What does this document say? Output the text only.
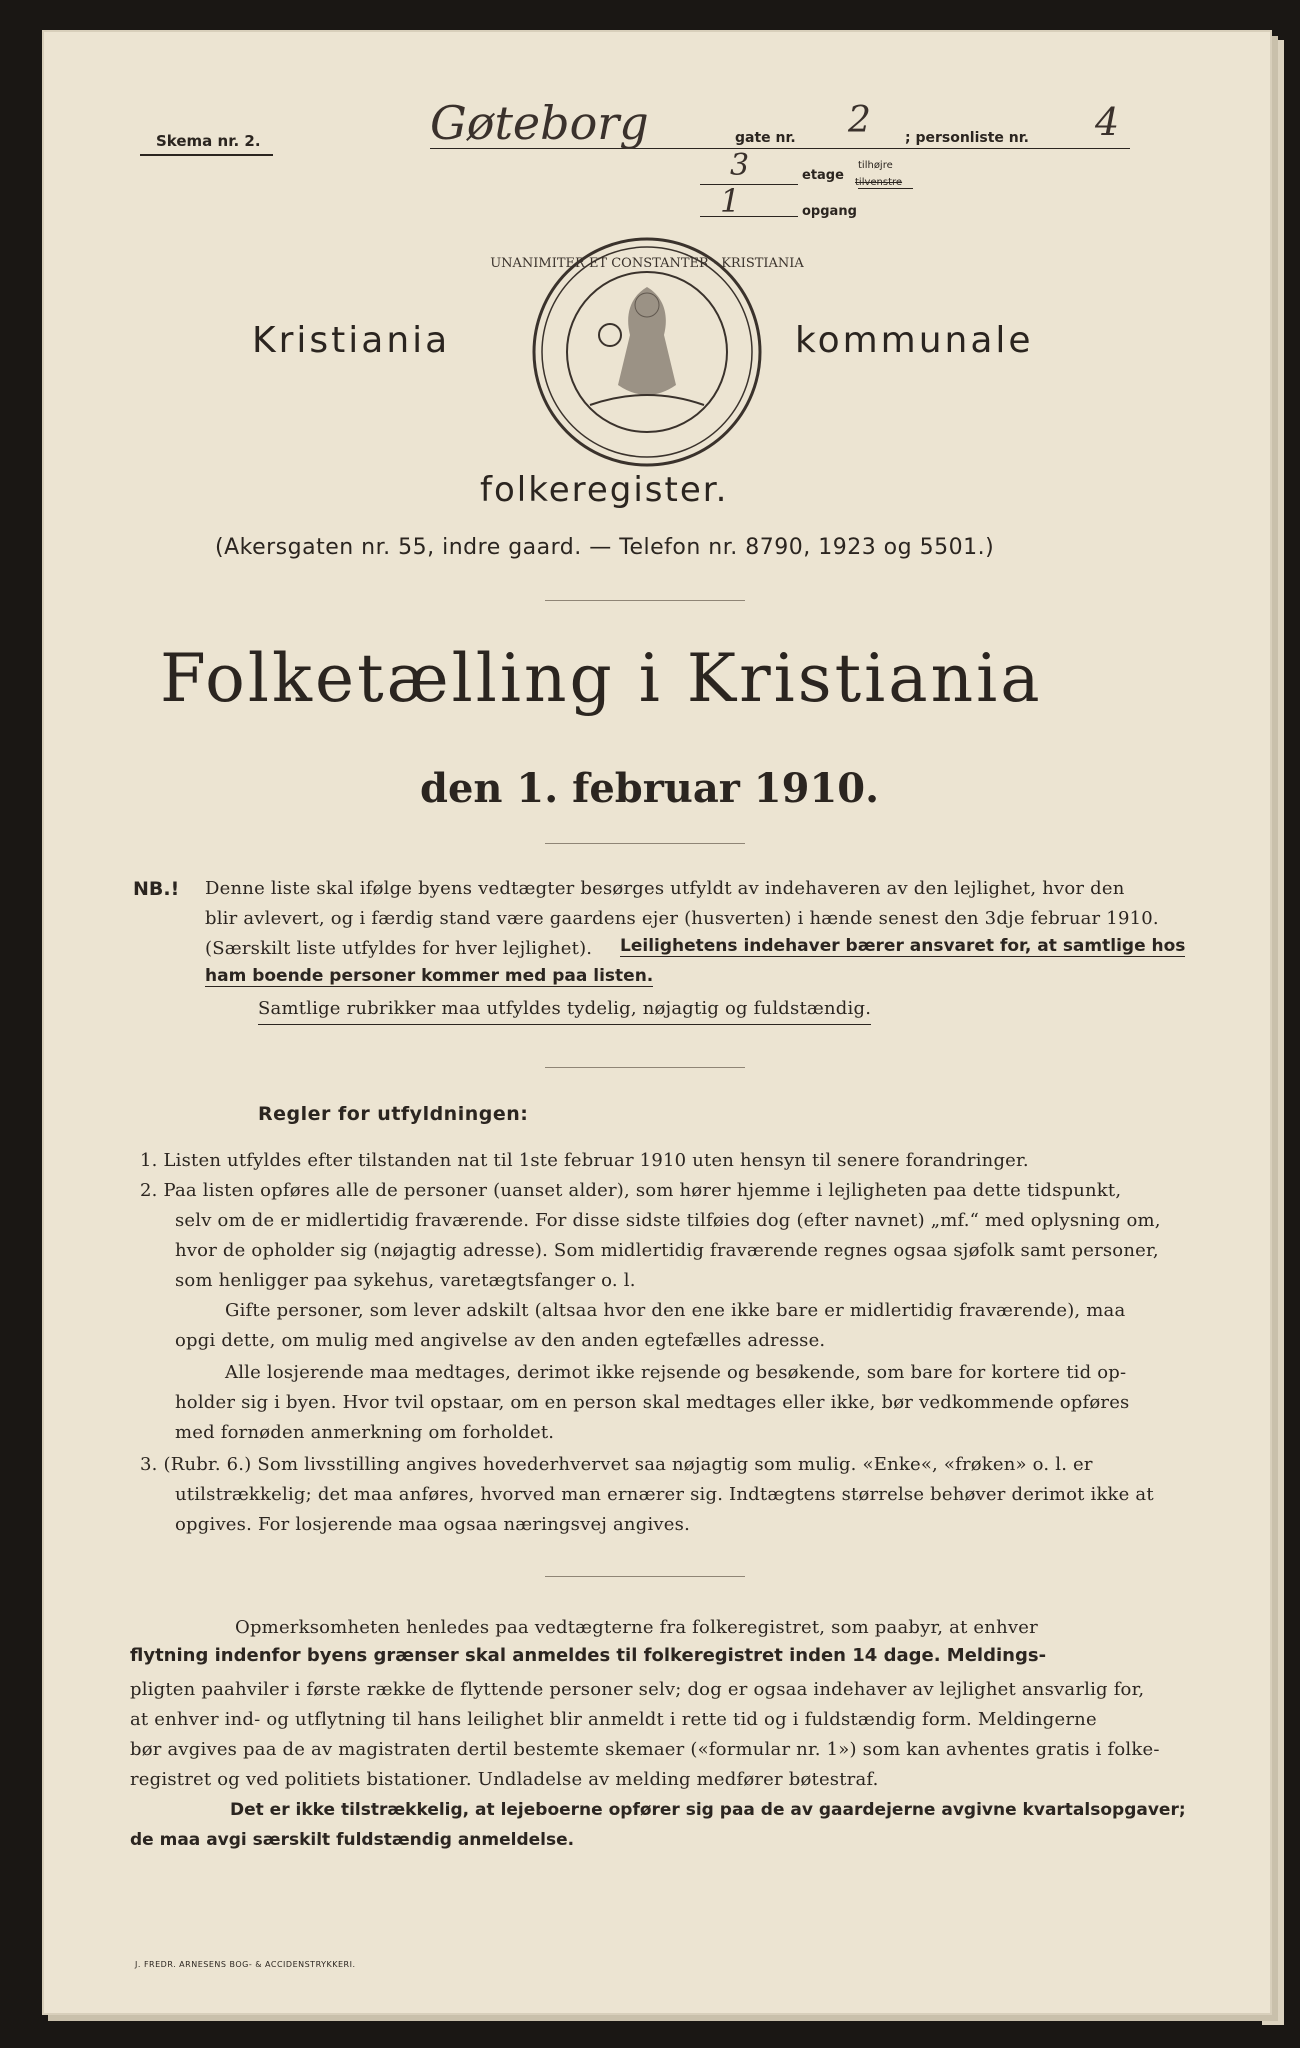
Skema nr. 2.	Gøteborg	gate nr. 2 ; personliste nr. 4
3	etage
tilhøjre
tilvenstre
1	opgang
Kristiania	kommunale
UNANIMITER ET CONSTANTER · KRISTIANIA
folkeregister.
(Akersgaten nr. 55, indre gaard. — Telefon nr. 8790, 1923 og 5501.)
Folketælling i Kristiania
den 1. februar 1910.
NB.! Denne liste skal ifølge byens vedtægter besørges utfyldt av indehaveren av den lejlighet, hvor den
blir avlevert, og i færdig stand være gaardens ejer (husverten) i hænde senest den 3dje februar 1910.
(Særskilt liste utfyldes for hver lejlighet). Leilighetens indehaver bærer ansvaret for, at samtlige hos
ham boende personer kommer med paa listen.
Samtlige rubrikker maa utfyldes tydelig, nøjagtig og fuldstændig.
Regler for utfyldningen:
1. Listen utfyldes efter tilstanden nat til 1ste februar 1910 uten hensyn til senere forandringer.
2. Paa listen opføres alle de personer (uanset alder), som hører hjemme i lejligheten paa dette tidspunkt,
selv om de er midlertidig fraværende. For disse sidste tilføies dog (efter navnet) „mf.“ med oplysning om,
hvor de opholder sig (nøjagtig adresse). Som midlertidig fraværende regnes ogsaa sjøfolk samt personer,
som henligger paa sykehus, varetægtsfanger o. l.
Gifte personer, som lever adskilt (altsaa hvor den ene ikke bare er midlertidig fraværende), maa
opgi dette, om mulig med angivelse av den anden egtefælles adresse.
Alle losjerende maa medtages, derimot ikke rejsende og besøkende, som bare for kortere tid op-
holder sig i byen. Hvor tvil opstaar, om en person skal medtages eller ikke, bør vedkommende opføres
med fornøden anmerkning om forholdet.
3. (Rubr. 6.) Som livsstilling angives hovederhvervet saa nøjagtig som mulig. «Enke«, «frøken» o. l. er
utilstrækkelig; det maa anføres, hvorved man ernærer sig. Indtægtens størrelse behøver derimot ikke at
opgives. For losjerende maa ogsaa næringsvej angives.
Opmerksomheten henledes paa vedtægterne fra folkeregistret, som paabyr, at enhver
flytning indenfor byens grænser skal anmeldes til folkeregistret inden 14 dage. Meldings-
pligten paahviler i første række de flyttende personer selv; dog er ogsaa indehaver av lejlighet ansvarlig for,
at enhver ind- og utflytning til hans leilighet blir anmeldt i rette tid og i fuldstændig form. Meldingerne
bør avgives paa de av magistraten dertil bestemte skemaer («formular nr. 1») som kan avhentes gratis i folke-
registret og ved politiets bistationer. Undladelse av melding medfører bøtestraf.
Det er ikke tilstrækkelig, at lejeboerne opfører sig paa de av gaardejerne avgivne kvartalsopgaver;
de maa avgi særskilt fuldstændig anmeldelse.
J. FREDR. ARNESENS BOG- & ACCIDENSTRYKKERI.
